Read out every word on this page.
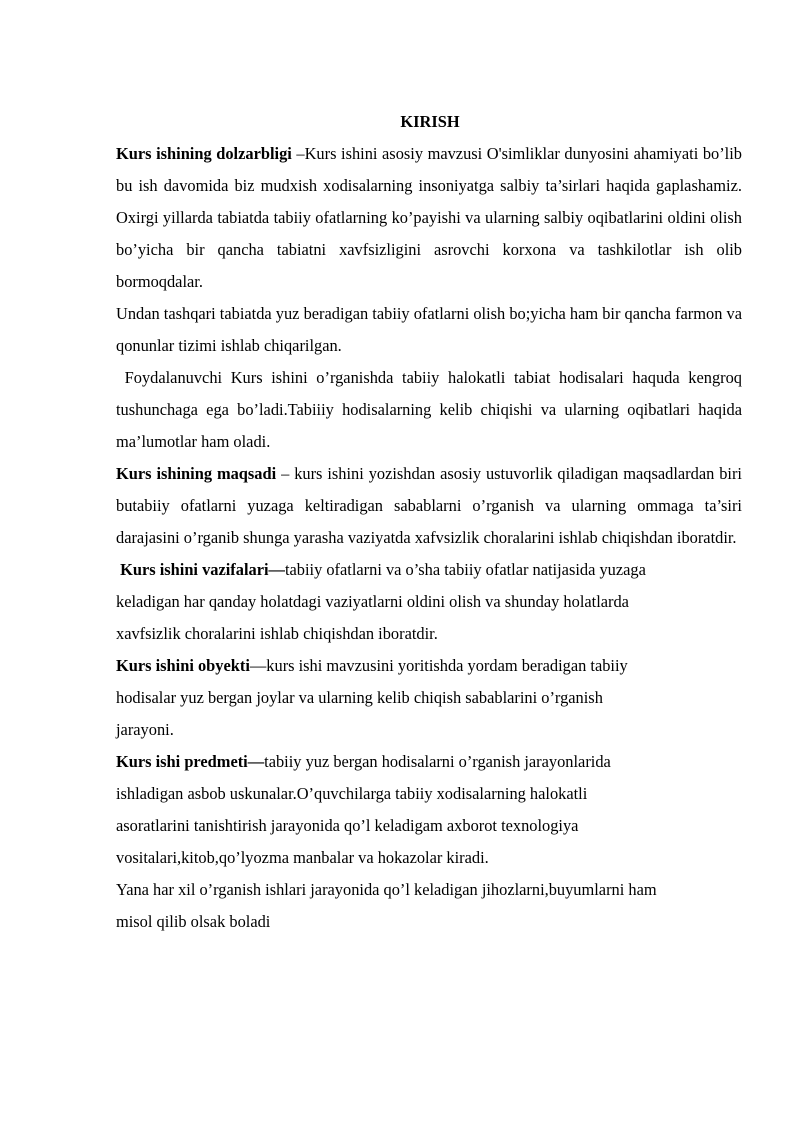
KIRISH

Kurs ishining dolzarbligi –Kurs ishini asosiy mavzusi O'simliklar dunyosini ahamiyati bo’lib bu ish davomida biz mudxish xodisalarning insoniyatga salbiy ta’sirlari haqida gaplashamiz. Oxirgi yillarda tabiatda tabiiy ofatlarning ko’payishi va ularning salbiy oqibatlarini oldini olish bo’yicha bir qancha tabiatni xavfsizligini asrovchi korxona va tashkilotlar ish olib bormoqdalar.

Undan tashqari tabiatda yuz beradigan tabiiy ofatlarni olish bo;yicha ham bir qancha farmon va qonunlar tizimi ishlab chiqarilgan.

Foydalanuvchi Kurs ishini o’rganishda tabiiy halokatli tabiat hodisalari haquda kengroq tushunchaga ega bo’ladi.Tabiiiy hodisalarning kelib chiqishi va ularning oqibatlari haqida ma’lumotlar ham oladi.

Kurs ishining maqsadi – kurs ishini yozishdan asosiy ustuvorlik qiladigan maqsadlardan biri butabiiy ofatlarni yuzaga keltiradigan sabablarni o’rganish va ularning ommaga ta’siri darajasini o’rganib shunga yarasha vaziyatda xafvsizlik choralarini ishlab chiqishdan iboratdir.

Kurs ishini vazifalari—tabiiy ofatlarni va o’sha tabiiy ofatlar natijasida yuzaga
keladigan har qanday holatdagi vaziyatlarni oldini olish va shunday holatlarda
xavfsizlik choralarini ishlab chiqishdan iboratdir.
Kurs ishini obyekti—kurs ishi mavzusini yoritishda yordam beradigan tabiiy
hodisalar yuz bergan joylar va ularning kelib chiqish sabablarini o’rganish
jarayoni.
Kurs ishi predmeti—tabiiy yuz bergan hodisalarni o’rganish jarayonlarida
ishladigan asbob uskunalar.O’quvchilarga tabiiy xodisalarning halokatli
asoratlarini tanishtirish jarayonida qo’l keladigam axborot texnologiya
vositalari,kitob,qo’lyozma manbalar va hokazolar kiradi.
Yana har xil o’rganish ishlari jarayonida qo’l keladigan jihozlarni,buyumlarni ham
misol qilib olsak boladi
